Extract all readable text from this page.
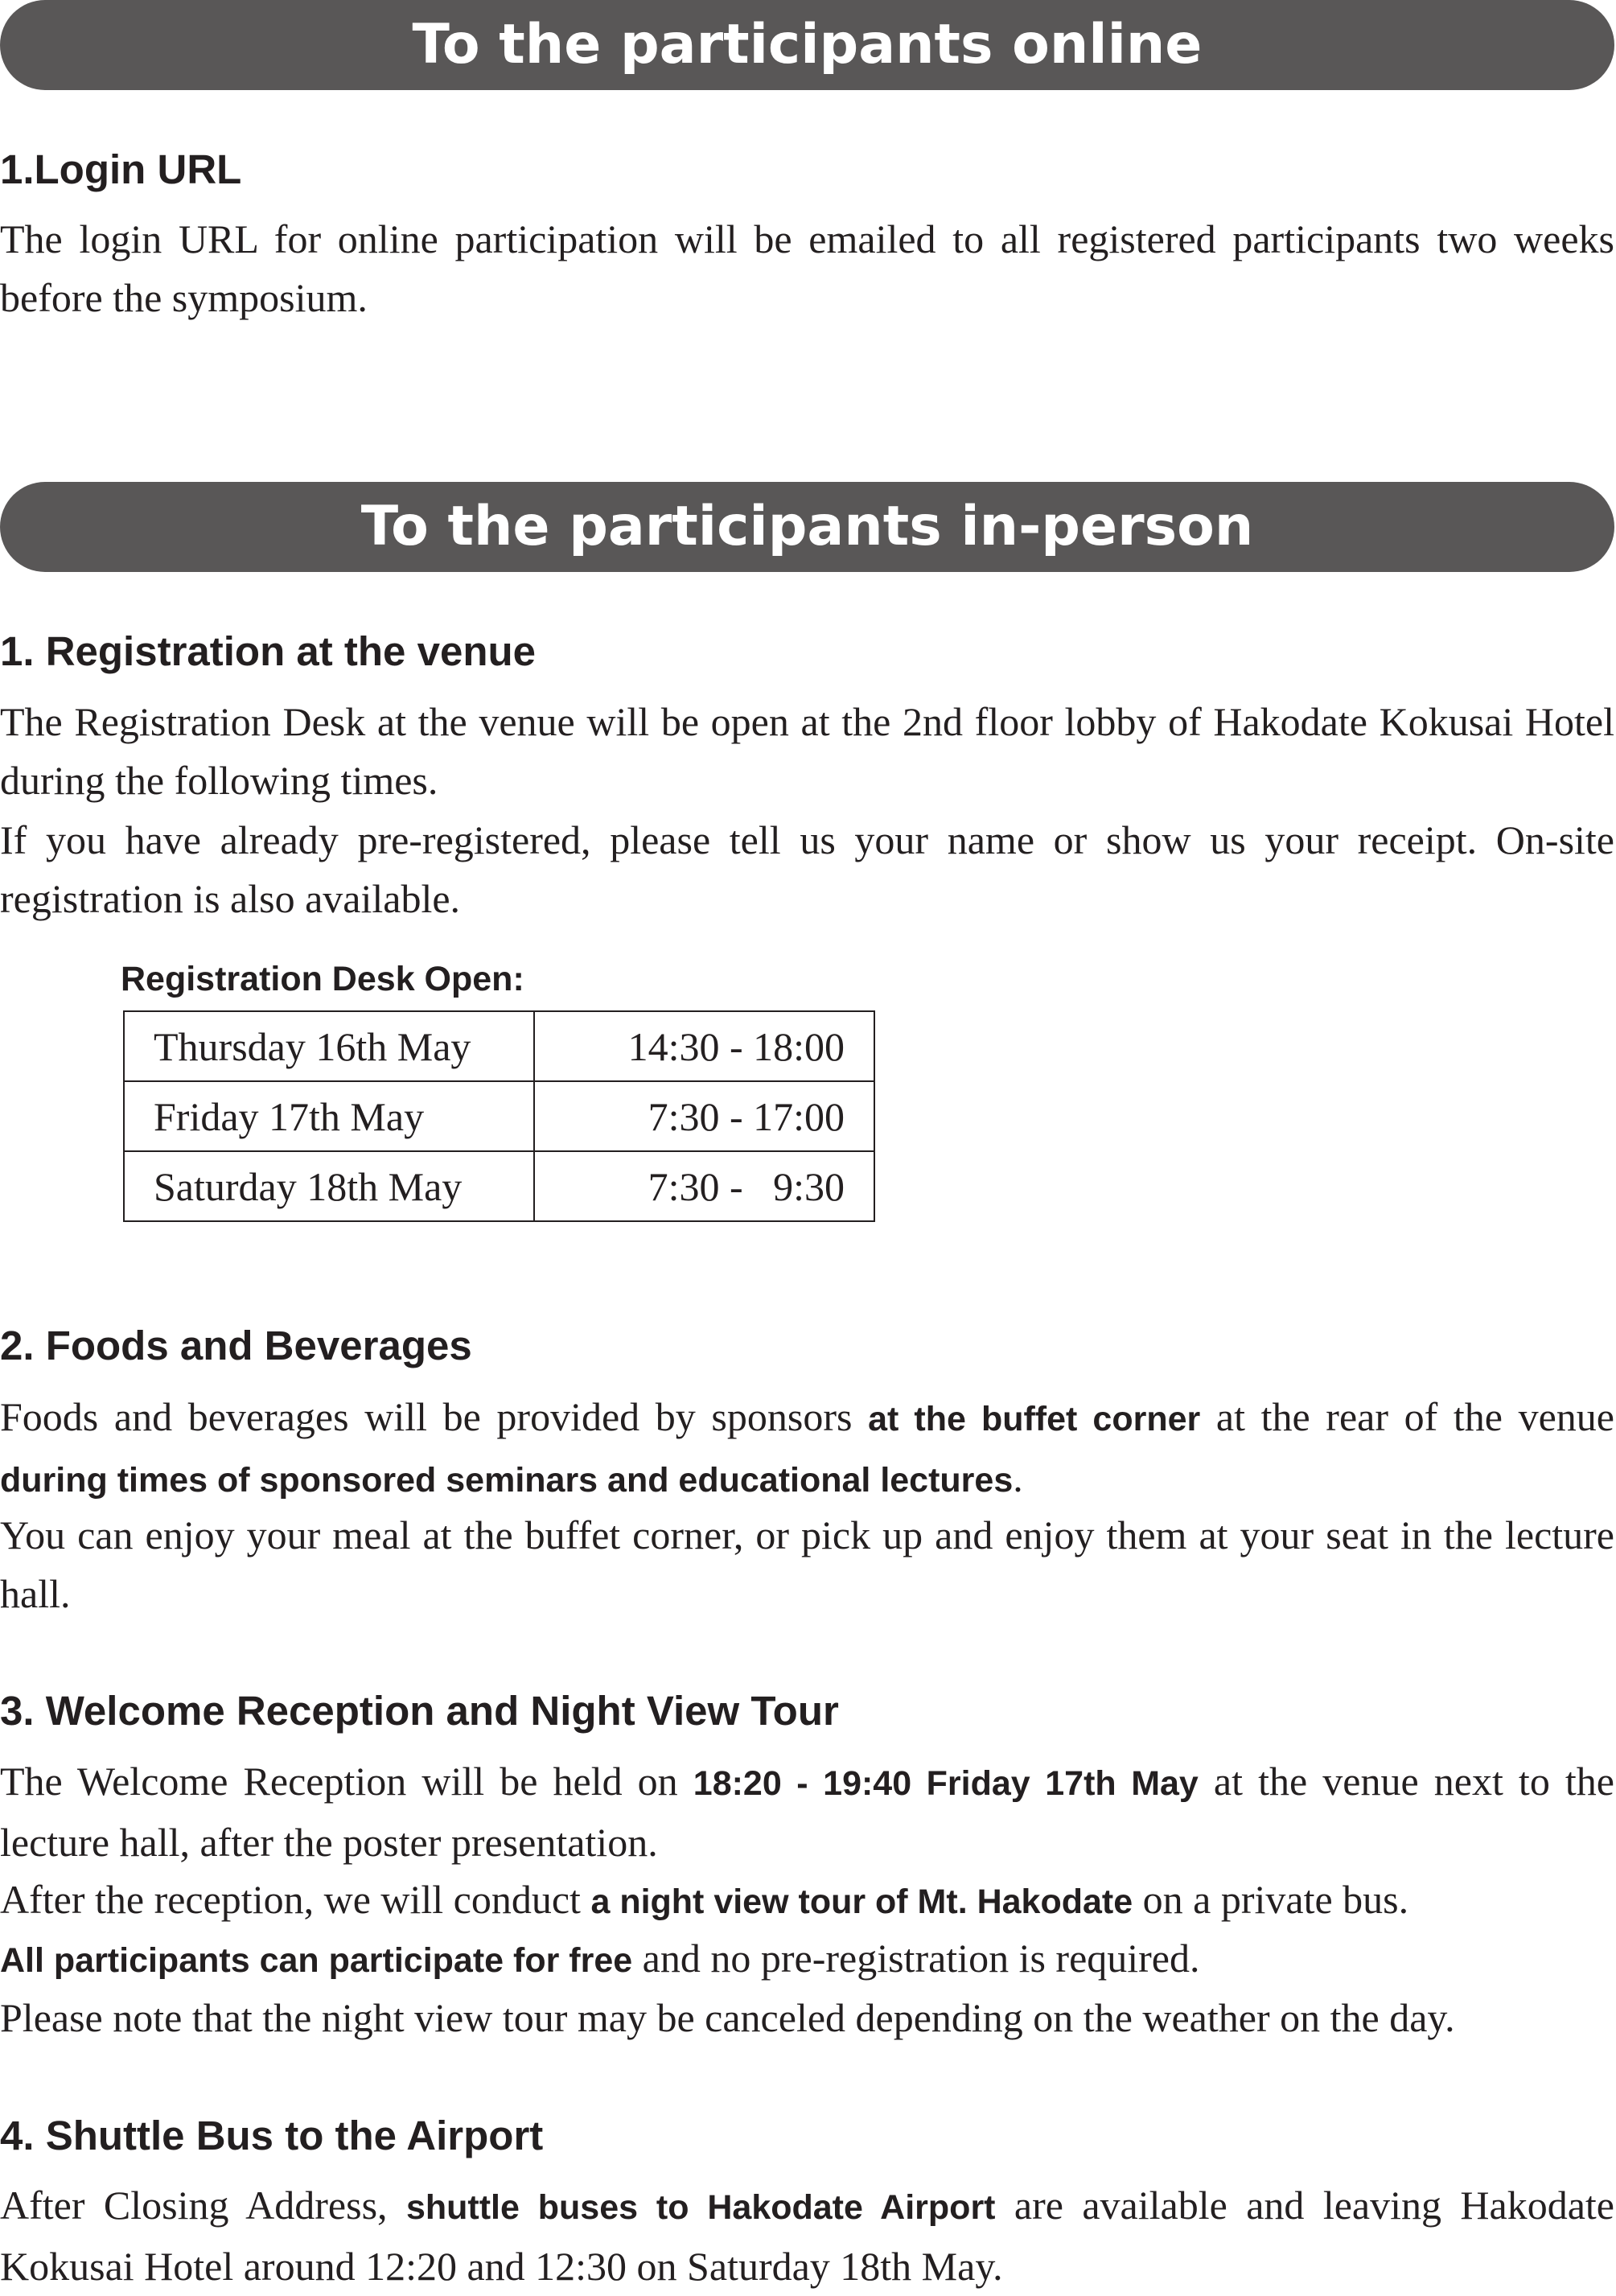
To the participants online
1.Login URL
The login URL for online participation will be emailed to all registered participants two weeks before the symposium.
To the participants in-person
1. Registration at the venue
The Registration Desk at the venue will be open at the 2nd floor lobby of Hakodate Kokusai Hotel during the following times.
If you have already pre-registered, please tell us your name or show us your receipt. On-site registration is also available.
Registration Desk Open:
Thursday 16th May	14:30 - 18:00
Friday 17th May	7:30 - 17:00
Saturday 18th May	7:30 -   9:30
2. Foods and Beverages
Foods and beverages will be provided by sponsors at the buffet corner at the rear of the venue during times of sponsored seminars and educational lectures.
You can enjoy your meal at the buffet corner, or pick up and enjoy them at your seat in the lecture hall.
3. Welcome Reception and Night View Tour
The Welcome Reception will be held on 18:20 - 19:40 Friday 17th May at the venue next to the lecture hall, after the poster presentation.
After the reception, we will conduct a night view tour of Mt. Hakodate on a private bus.
All participants can participate for free and no pre-registration is required.
Please note that the night view tour may be canceled depending on the weather on the day.
4. Shuttle Bus to the Airport
After Closing Address, shuttle buses to Hakodate Airport are available and leaving Hakodate Kokusai Hotel around 12:20 and 12:30 on Saturday 18th May.
